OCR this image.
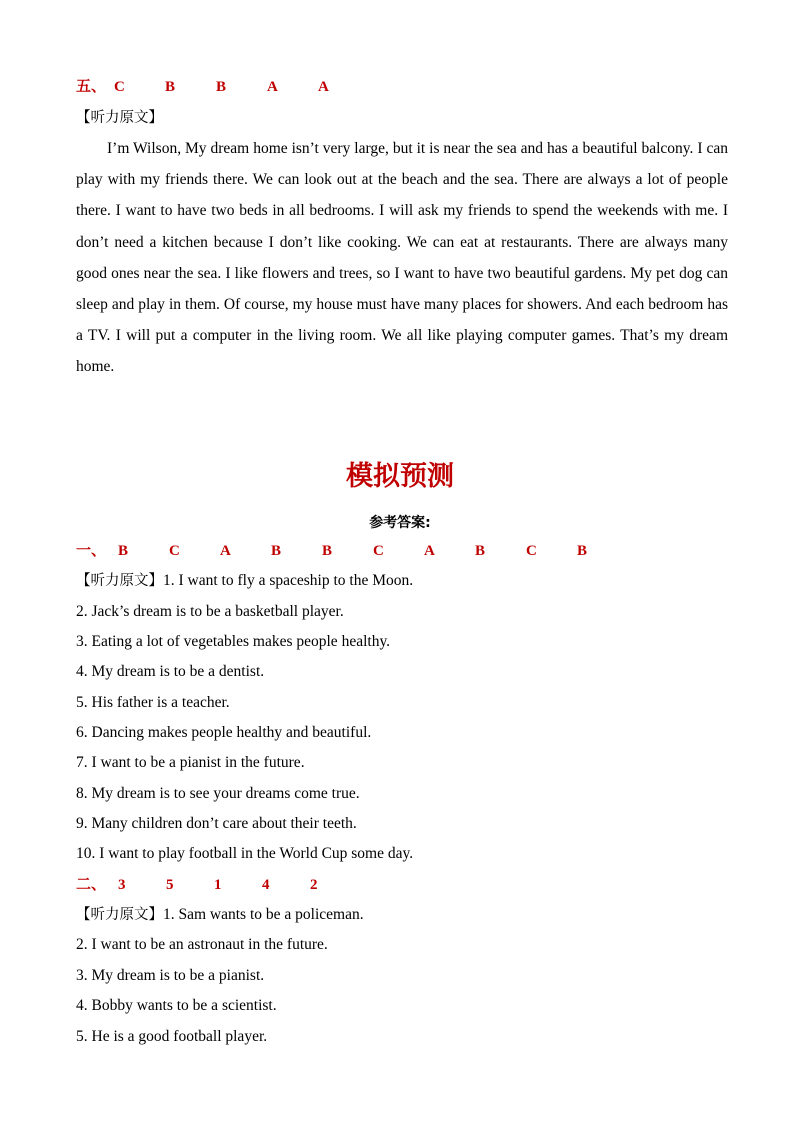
五、 C	B	B	A	A
【听力原文】
I’m Wilson, My dream home isn’t very large, but it is near the sea and has a beautiful balcony. I can play with my friends there. We can look out at the beach and the sea. There are always a lot of people there. I want to have two beds in all bedrooms. I will ask my friends to spend the weekends with me. I don’t need a kitchen because I don’t like cooking. We can eat at restaurants. There are always many good ones near the sea. I like flowers and trees, so I want to have two beautiful gardens. My pet dog can sleep and play in them. Of course, my house must have many places for showers. And each bedroom has a TV. I will put a computer in the living room. We all like playing computer games. That’s my dream home.
模拟预测
参考答案:
一、 B	C	A	B	B	C	A	B	C	B
【听力原文】1. I want to fly a spaceship to the Moon.
2. Jack’s dream is to be a basketball player.
3. Eating a lot of vegetables makes people healthy.
4. My dream is to be a dentist.
5. His father is a teacher.
6. Dancing makes people healthy and beautiful.
7. I want to be a pianist in the future.
8. My dream is to see your dreams come true.
9. Many children don’t care about their teeth.
10. I want to play football in the World Cup some day.
二、 3	5	1	4	2
【听力原文】1. Sam wants to be a policeman.
2. I want to be an astronaut in the future.
3. My dream is to be a pianist.
4. Bobby wants to be a scientist.
5. He is a good football player.
